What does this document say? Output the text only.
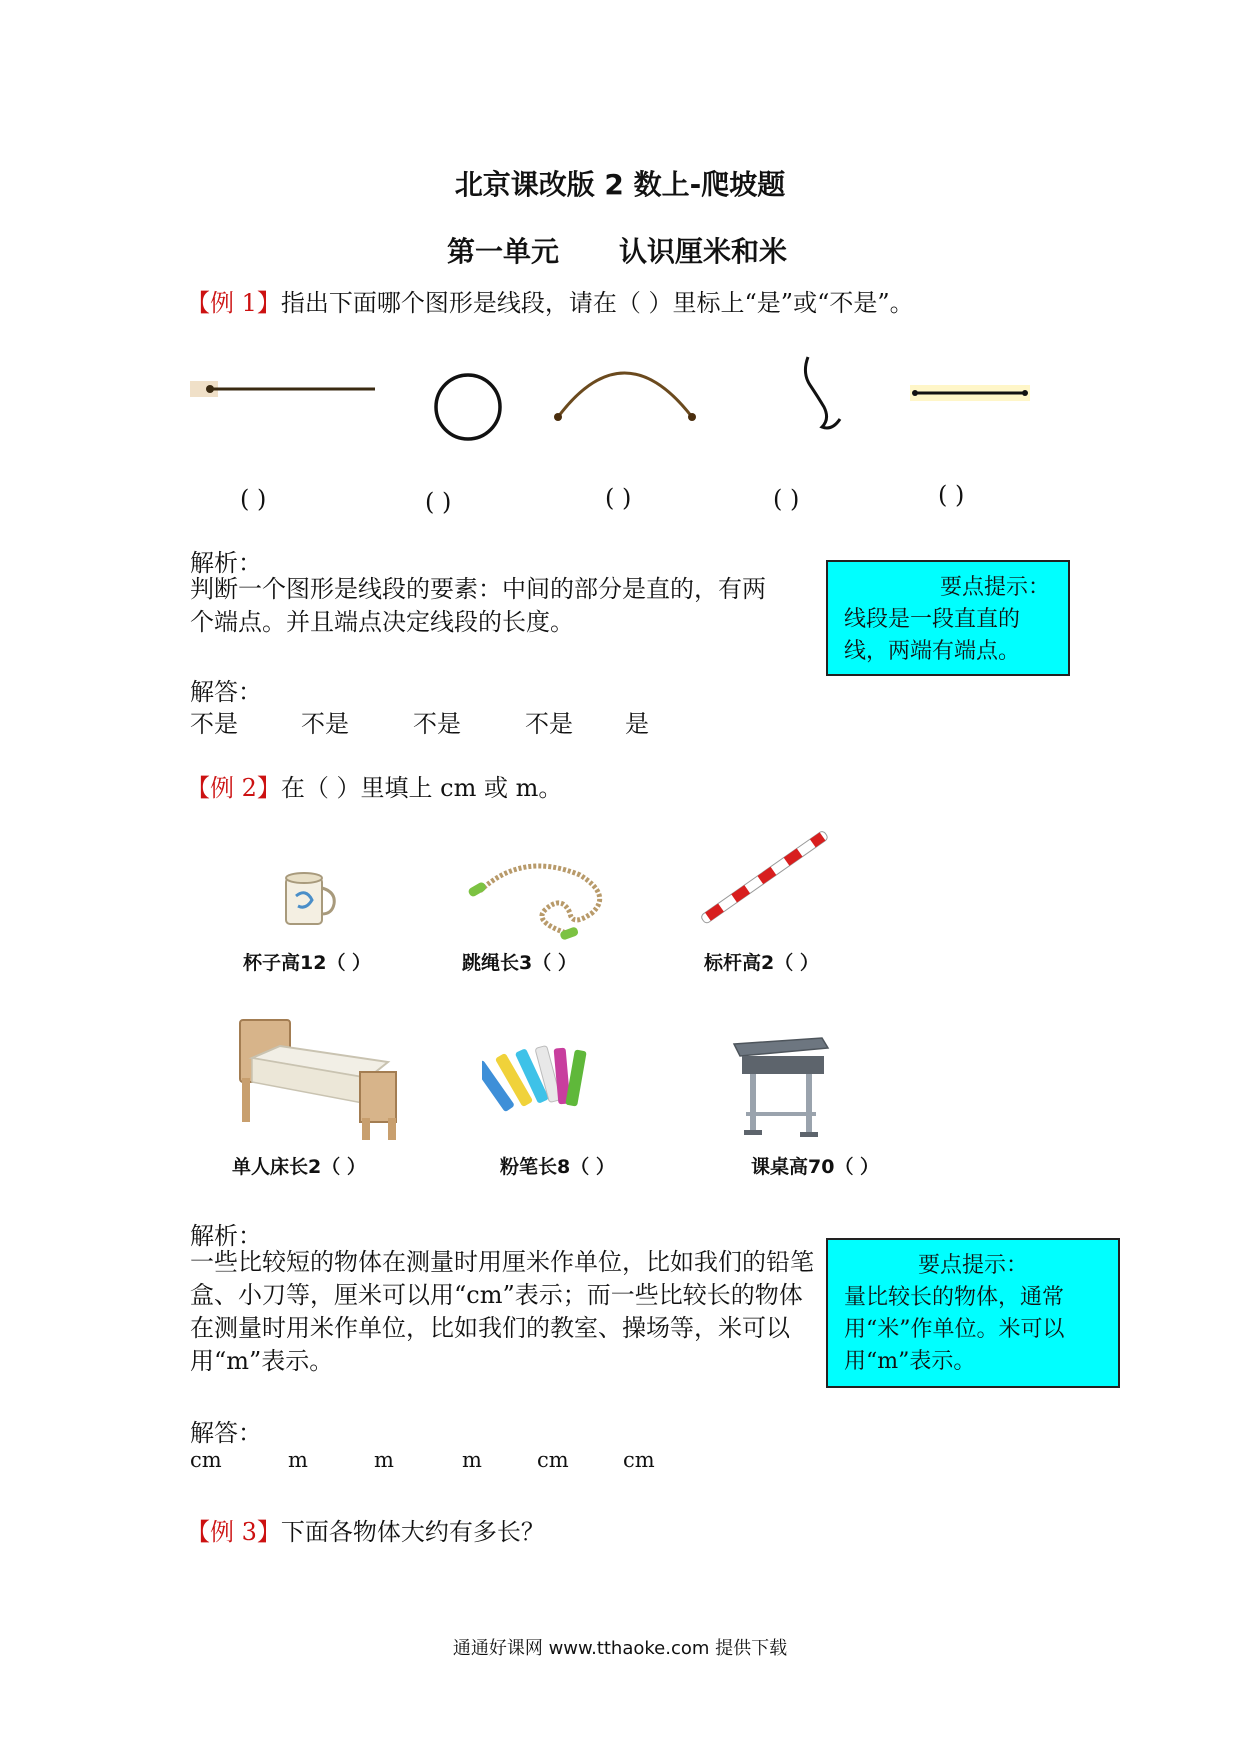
北京课改版 2 数上-爬坡题
第一单元 认识厘米和米
【例 1】指出下面哪个图形是线段，请在（ ）里标上“是”或“不是”。
( )	( )	( )	( )	( )
解析：
判断一个图形是线段的要素：中间的部分是直的，有两个端点。并且端点决定线段的长度。
要点提示：
线段是一段直直的线，两端有端点。
解答：
不是	不是	不是	不是 是
【例 2】在（ ）里填上 cm 或 m。
杯子高12（ ）	跳绳长3（ ）	标杆高2（ ）
单人床长2（ ）	粉笔长8（ ）	课桌高70（ ）
解析：
一些比较短的物体在测量时用厘米作单位，比如我们的铅笔盒、小刀等，厘米可以用“cm”表示；而一些比较长的物体在测量时用米作单位，比如我们的教室、操场等，米可以用“m”表示。
要点提示：
量比较长的物体，通常用“米”作单位。米可以用“m”表示。
解答：
cm	m	m	m	cm	cm
【例 3】下面各物体大约有多长？
通通好课网 www.tthaoke.com 提供下载
